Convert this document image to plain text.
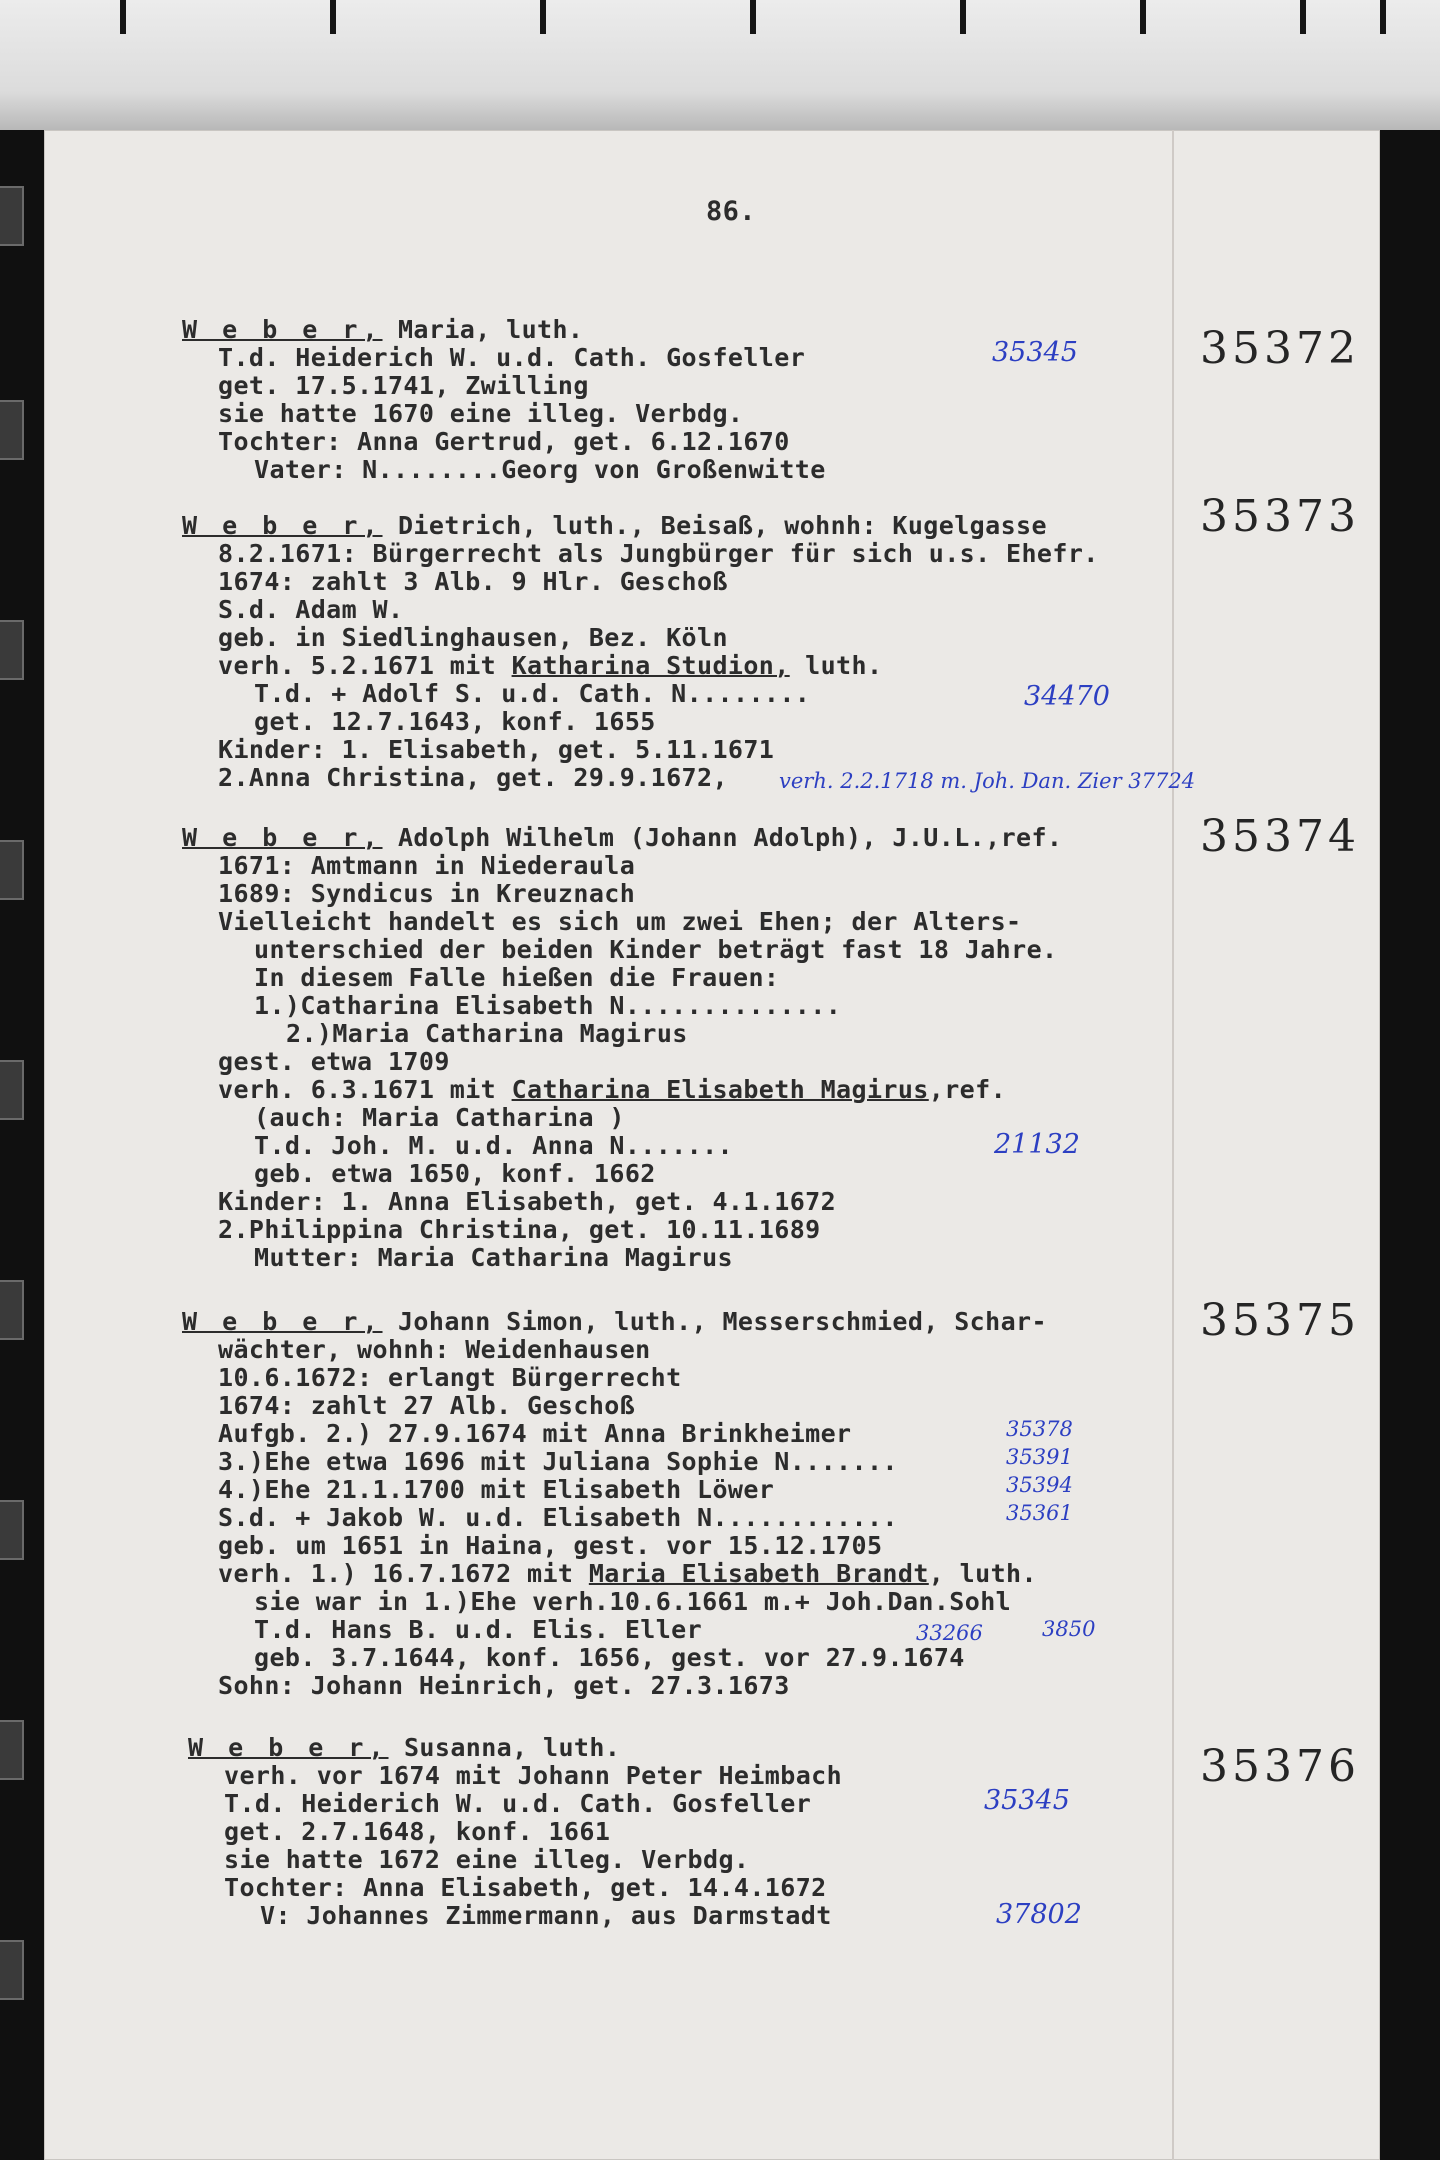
86.
W e b e r, Maria, luth.
T.d. Heiderich W. u.d. Cath. Gosfeller
get. 17.5.1741, Zwilling
sie hatte 1670 eine illeg. Verbdg.
Tochter: Anna Gertrud, get. 6.12.1670
Vater: N........Georg von Großenwitte
35345	35372
W e b e r, Dietrich, luth., Beisaß, wohnh: Kugelgasse
8.2.1671: Bürgerrecht als Jungbürger für sich u.s. Ehefr.
1674: zahlt 3 Alb. 9 Hlr. Geschoß
S.d. Adam W.
geb. in Siedlinghausen, Bez. Köln
verh. 5.2.1671 mit Katharina Studion, luth.
T.d. + Adolf S. u.d. Cath. N........
get. 12.7.1643, konf. 1655
Kinder: 1. Elisabeth, get. 5.11.1671
2.Anna Christina, get. 29.9.1672,
34470
verh. 2.2.1718 m. Joh. Dan. Zier 37724
35373
W e b e r, Adolph Wilhelm (Johann Adolph), J.U.L.,ref.
1671: Amtmann in Niederaula
1689: Syndicus in Kreuznach
Vielleicht handelt es sich um zwei Ehen; der Alters-
unterschied der beiden Kinder beträgt fast 18 Jahre.
In diesem Falle hießen die Frauen:
1.)Catharina Elisabeth N..............
2.)Maria Catharina Magirus
gest. etwa 1709
verh. 6.3.1671 mit Catharina Elisabeth Magirus,ref.
(auch: Maria Catharina )
T.d. Joh. M. u.d. Anna N.......
geb. etwa 1650, konf. 1662
Kinder: 1. Anna Elisabeth, get. 4.1.1672
2.Philippina Christina, get. 10.11.1689
Mutter: Maria Catharina Magirus
21132
35374
W e b e r, Johann Simon, luth., Messerschmied, Schar-
wächter, wohnh: Weidenhausen
10.6.1672: erlangt Bürgerrecht
1674: zahlt 27 Alb. Geschoß
Aufgb. 2.) 27.9.1674 mit Anna Brinkheimer
3.)Ehe etwa 1696 mit Juliana Sophie N.......
4.)Ehe 21.1.1700 mit Elisabeth Löwer
S.d. + Jakob W. u.d. Elisabeth N............
geb. um 1651 in Haina, gest. vor 15.12.1705
verh. 1.) 16.7.1672 mit Maria Elisabeth Brandt, luth.
sie war in 1.)Ehe verh.10.6.1661 m.+ Joh.Dan.Sohl
T.d. Hans B. u.d. Elis. Eller
geb. 3.7.1644, konf. 1656, gest. vor 27.9.1674
Sohn: Johann Heinrich, get. 27.3.1673
35378
35391
35394
35361
33266	3850
35375
W e b e r, Susanna, luth.
verh. vor 1674 mit Johann Peter Heimbach
T.d. Heiderich W. u.d. Cath. Gosfeller
get. 2.7.1648, konf. 1661
sie hatte 1672 eine illeg. Verbdg.
Tochter: Anna Elisabeth, get. 14.4.1672
V: Johannes Zimmermann, aus Darmstadt
35345
37802
35376
